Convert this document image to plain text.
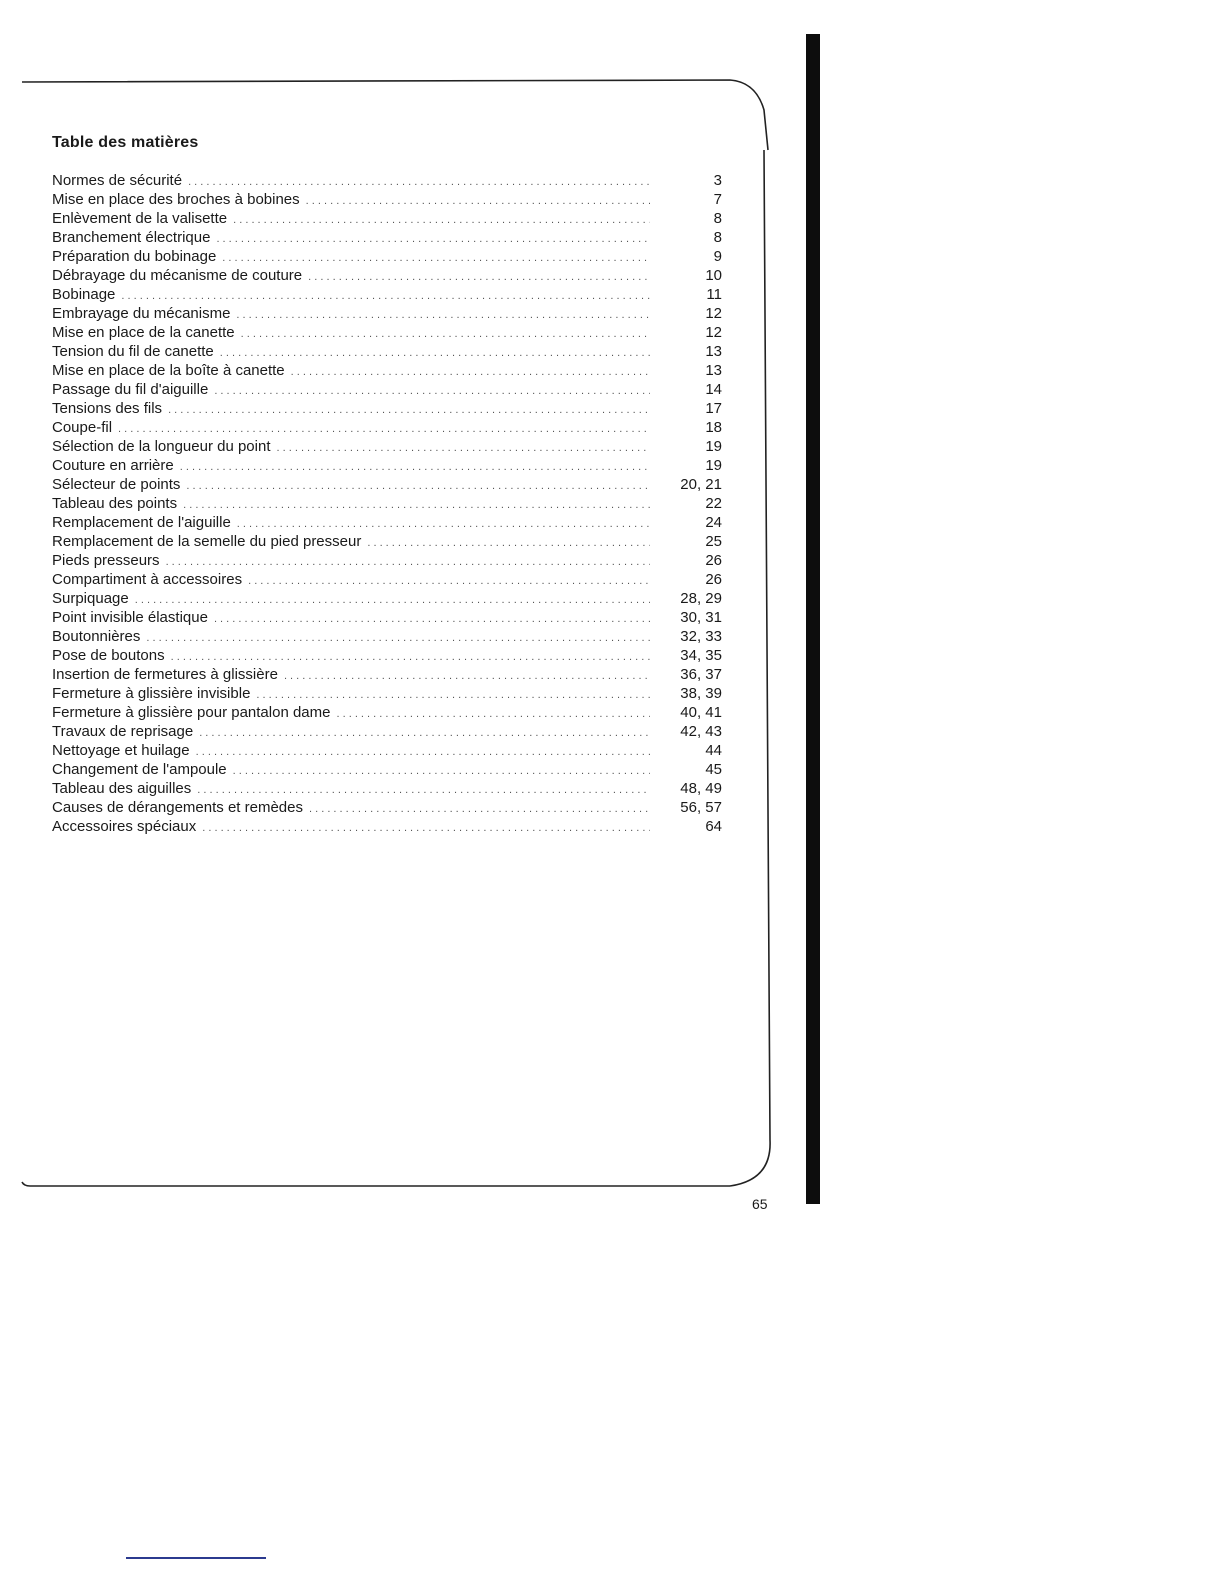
Table des matières
Normes de sécurité . . .	3
Mise en place des broches à bobines . . .	7
Enlèvement de la valisette . . .	8
Branchement électrique . . .	8
Préparation du bobinage . . .	9
Débrayage du mécanisme de couture . . .	10
Bobinage . . .	11
Embrayage du mécanisme . . .	12
Mise en place de la canette . . .	12
Tension du fil de canette . . .	13
Mise en place de la boîte à canette . . .	13
Passage du fil d'aiguille . . .	14
Tensions des fils . . .	17
Coupe-fil . . .	18
Sélection de la longueur du point . . .	19
Couture en arrière . . .	19
Sélecteur de points . . .	20, 21
Tableau des points . . .	22
Remplacement de l'aiguille . . .	24
Remplacement de la semelle du pied presseur . . .	25
Pieds presseurs . . .	26
Compartiment à accessoires . . .	26
Surpiquage . . .	28, 29
Point invisible élastique . . .	30, 31
Boutonnières . . .	32, 33
Pose de boutons . . .	34, 35
Insertion de fermetures à glissière . . .	36, 37
Fermeture à glissière invisible . . .	38, 39
Fermeture à glissière pour pantalon dame . . .	40, 41
Travaux de reprisage . . .	42, 43
Nettoyage et huilage . . .	44
Changement de l'ampoule . . .	45
Tableau des aiguilles . . .	48, 49
Causes de dérangements et remèdes . . .	56, 57
Accessoires spéciaux . . .	64
65
